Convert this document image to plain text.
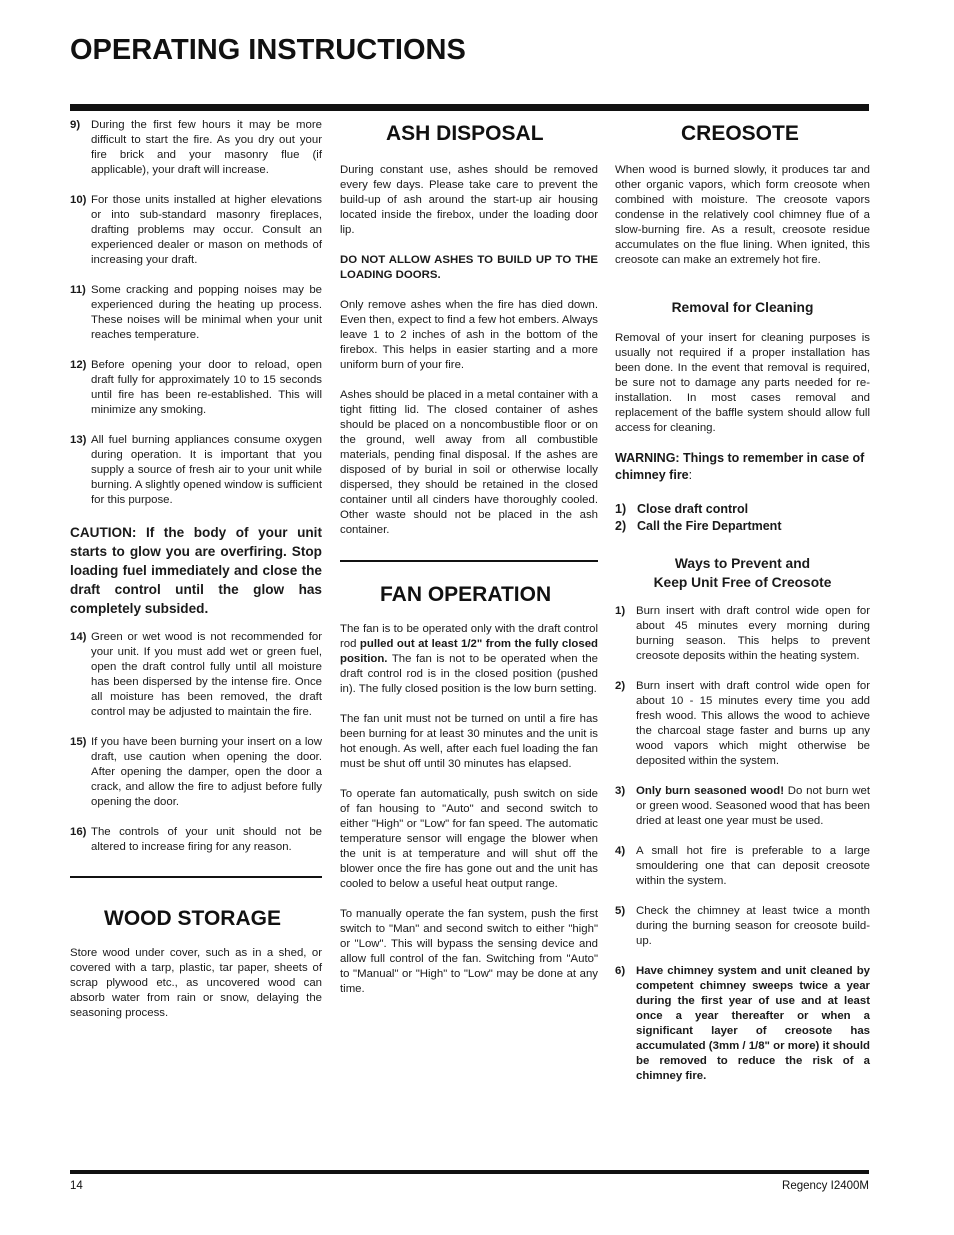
OPERATING INSTRUCTIONS
9) During the first few hours it may be more difficult to start the fire. As you dry out your fire brick and your masonry flue (if applicable), your draft will increase.
10) For those units installed at higher elevations or into sub-standard masonry fireplaces, drafting problems may occur. Consult an experienced dealer or mason on methods of increasing your draft.
11) Some cracking and popping noises may be experienced during the heating up process. These noises will be minimal when your unit reaches temperature.
12) Before opening your door to reload, open draft fully for approximately 10 to 15 seconds until fire has been re-established. This will minimize any smoking.
13) All fuel burning appliances consume oxygen during operation. It is important that you supply a source of fresh air to your unit while burning. A slightly opened window is sufficient for this purpose.
CAUTION: If the body of your unit starts to glow you are overfiring. Stop loading fuel immediately and close the draft control until the glow has completely subsided.
14) Green or wet wood is not recommended for your unit. If you must add wet or green fuel, open the draft control fully until all moisture has been dispersed by the intense fire. Once all moisture has been removed, the draft control may be adjusted to maintain the fire.
15) If you have been burning your insert on a low draft, use caution when opening the door. After opening the damper, open the door a crack, and allow the fire to adjust before fully opening the door.
16) The controls of your unit should not be altered to increase firing for any reason.
WOOD STORAGE

Store wood under cover, such as in a shed, or covered with a tarp, plastic, tar paper, sheets of scrap plywood etc., as uncovered wood can absorb water from rain or snow, delaying the seasoning process.

ASH DISPOSAL

During constant use, ashes should be removed every few days. Please take care to prevent the build-up of ash around the start-up air housing located inside the firebox, under the loading door lip.

DO NOT ALLOW ASHES TO BUILD UP TO THE LOADING DOORS.

Only remove ashes when the fire has died down. Even then, expect to find a few hot embers. Always leave 1 to 2 inches of ash in the bottom of the firebox. This helps in easier starting and a more uniform burn of your fire.

Ashes should be placed in a metal container with a tight fitting lid. The closed container of ashes should be placed on a noncombustible floor or on the ground, well away from all combustible materials, pending final disposal. If the ashes are disposed of by burial in soil or otherwise locally dispersed, they should be retained in the closed container until all cinders have thoroughly cooled. Other waste should not be placed in the ash container.

FAN OPERATION

The fan is to be operated only with the draft control rod pulled out at least 1/2" from the fully closed position. The fan is not to be operated when the draft control rod is in the closed position (pushed in). The fully closed position is the low burn setting.

The fan unit must not be turned on until a fire has been burning for at least 30 minutes and the unit is hot enough. As well, after each fuel loading the fan must be shut off until 30 minutes has elapsed.

To operate fan automatically, push switch on side of fan housing to "Auto" and second switch to either "High" or "Low" for fan speed. The automatic temperature sensor will engage the blower when the unit is at temperature and will shut off the blower once the fire has gone out and the unit has cooled to below a useful heat output range.

To manually operate the fan system, push the first switch to "Man" and second switch to either "high" or "Low". This will bypass the sensing device and allow full control of the fan. Switching from "Auto" to "Manual" or "High" to "Low" may be done at any time.

CREOSOTE

When wood is burned slowly, it produces tar and other organic vapors, which form creosote when combined with moisture. The creosote vapors condense in the relatively cool chimney flue of a slow-burning fire. As a result, creosote residue accumulates on the flue lining. When ignited, this creosote can make an extremely hot fire.

Removal for Cleaning

Removal of your insert for cleaning purposes is usually not required if a proper installation has been done. In the event that removal is required, be sure not to damage any parts needed for re-installation. In most cases removal and replacement of the baffle system should allow full access for cleaning.

WARNING: Things to remember in case of chimney fire:

1) Close draft control
2) Call the Fire Department
Ways to Prevent and
Keep Unit Free of Creosote
1) Burn insert with draft control wide open for about 45 minutes every morning during burning season. This helps to prevent creosote deposits within the heating system.
2) Burn insert with draft control wide open for about 10 - 15 minutes every time you add fresh wood. This allows the wood to achieve the charcoal stage faster and burns up any wood vapors which might otherwise be deposited within the system.
3) Only burn seasoned wood! Do not burn wet or green wood. Seasoned wood that has been dried at least one year must be used.
4) A small hot fire is preferable to a large smouldering one that can deposit creosote within the system.
5) Check the chimney at least twice a month during the burning season for creosote build-up.
6) Have chimney system and unit cleaned by competent chimney sweeps twice a year during the first year of use and at least once a year thereafter or when a significant layer of creosote has accumulated (3mm / 1/8" or more) it should be removed to reduce the risk of a chimney fire.
14	Regency I2400M
